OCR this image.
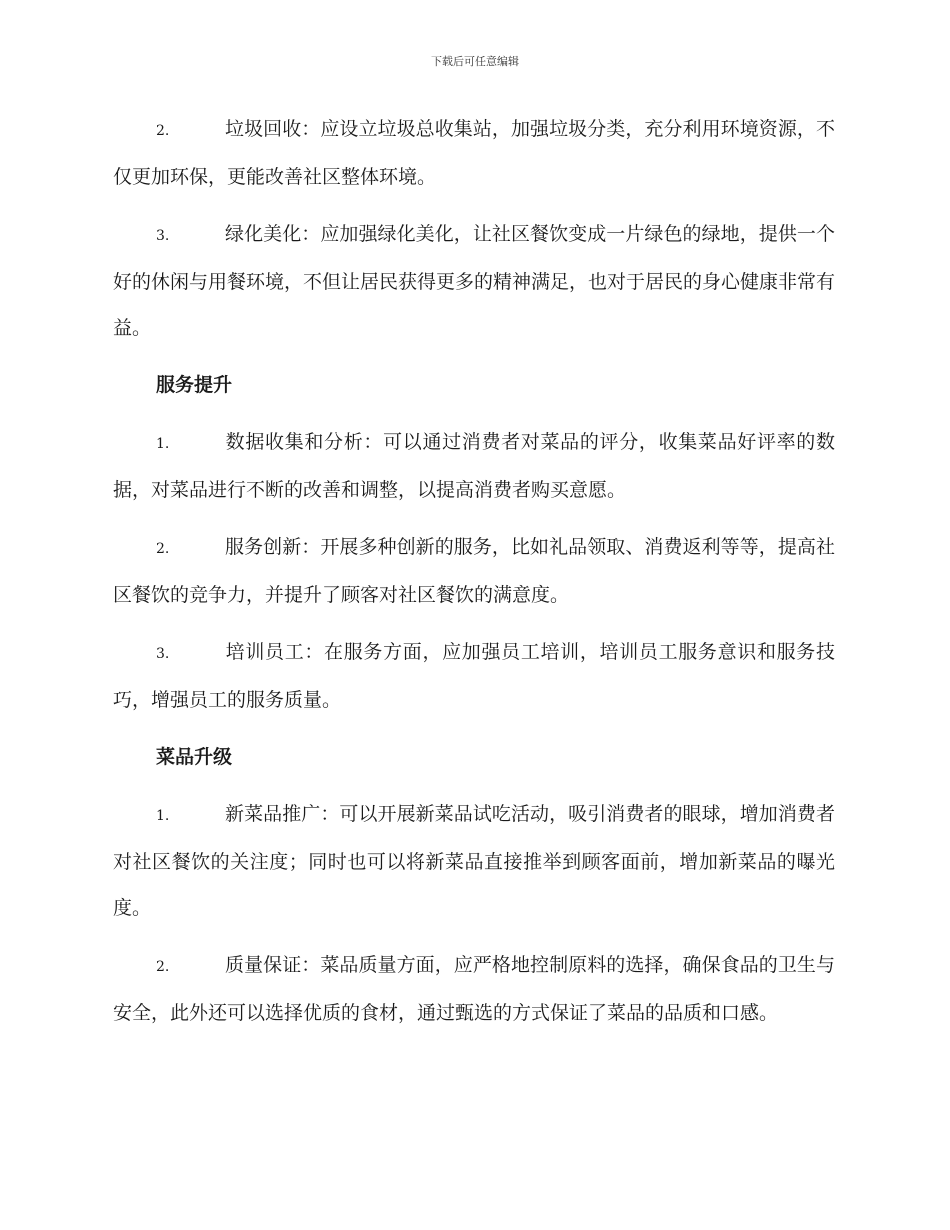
下载后可任意编辑
2.	垃圾回收：应设立垃圾总收集站，加强垃圾分类，充分利用环境资源，不仅更加环保，更能改善社区整体环境。
3.	绿化美化：应加强绿化美化，让社区餐饮变成一片绿色的绿地，提供一个好的休闲与用餐环境，不但让居民获得更多的精神满足，也对于居民的身心健康非常有益。
服务提升
1.	数据收集和分析：可以通过消费者对菜品的评分，收集菜品好评率的数据，对菜品进行不断的改善和调整，以提高消费者购买意愿。
2.	服务创新：开展多种创新的服务，比如礼品领取、消费返利等等，提高社区餐饮的竞争力，并提升了顾客对社区餐饮的满意度。
3.	培训员工：在服务方面，应加强员工培训，培训员工服务意识和服务技巧，增强员工的服务质量。
菜品升级
1.	新菜品推广：可以开展新菜品试吃活动，吸引消费者的眼球，增加消费者对社区餐饮的关注度；同时也可以将新菜品直接推举到顾客面前，增加新菜品的曝光度。
2.	质量保证：菜品质量方面，应严格地控制原料的选择，确保食品的卫生与安全，此外还可以选择优质的食材，通过甄选的方式保证了菜品的品质和口感。
